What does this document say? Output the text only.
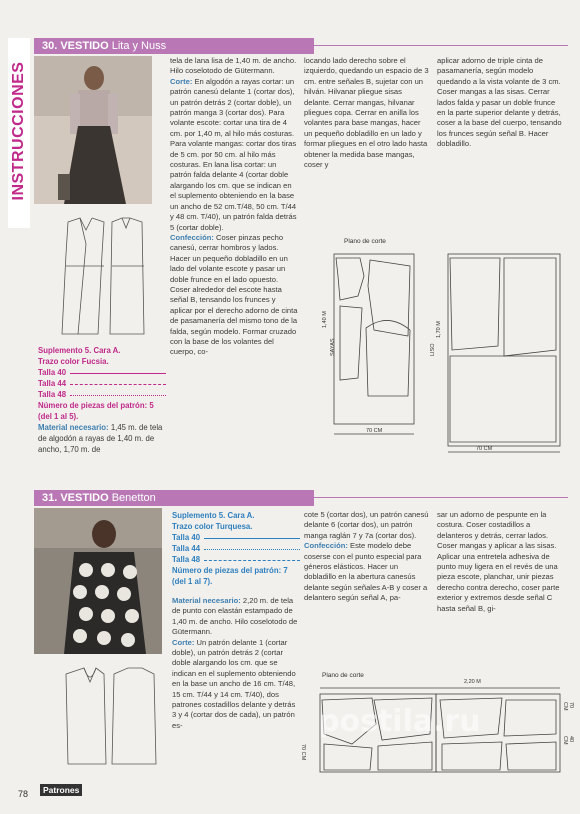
INSTRUCCIONES
30. VESTIDO Lita y Nuss
Suplemento 5. Cara A.
Trazo color Fucsia.
Talla 40
Talla 44
Talla 48
Número de piezas del patrón: 5 (del 1 al 5).
Material necesario: 1,45 m. de tela de algodón a rayas de 1,40 m. de ancho, 1,70 m. de

tela de lana lisa de 1,40 m. de ancho. Hilo coselotodo de Gütermann.

Corte: En algodón a rayas cortar: un patrón canesú delante 1 (cortar dos), un patrón detrás 2 (cortar doble), un patrón manga 3 (cortar dos). Para volante escote: cortar una tira de 4 cm. por 1,40 m, al hilo más costuras. Para volante mangas: cortar dos tiras de 5 cm. por 50 cm. al hilo más costuras. En lana lisa cortar: un patrón falda delante 4 (cortar doble alargando los cm. que se indican en el suplemento obteniendo en la base un ancho de 52 cm.T/48, 50 cm. T/44 y 48 cm. T/40), un patrón falda detrás 5 (cortar doble).

Confección: Coser pinzas pecho canesú, cerrar hombros y lados. Hacer un pequeño dobladillo en un lado del volante escote y pasar un doble frunce en el lado opuesto. Coser alrededor del escote hasta señal B, tensando los frunces y aplicar por el derecho adorno de cinta de pasamanería del mismo tono de la falda, según modelo. Formar cruzado con la base de los volantes del cuerpo, co-

locando lado derecho sobre el izquierdo, quedando un espacio de 3 cm. entre señales B, sujetar con un hilván. Hilvanar pliegue sisas delante. Cerrar mangas, hilvanar pliegues copa. Cerrar en anilla los volantes para base mangas, hacer un pequeño dobladillo en un lado y formar pliegues en el otro lado hasta obtener la medida base mangas, coser y

aplicar adorno de triple cinta de pasamanería, según modelo quedando a la vista volante de 3 cm. Coser mangas a las sisas. Cerrar lados falda y pasar un doble frunce en la parte superior delante y detrás, coser a la base del cuerpo, tensando los frunces según señal B. Hacer dobladillo.

Plano de corte
1,40 M
SAYAS
70 CM
1,70 M
LISO
70 CM
31. VESTIDO Benetton
Suplemento 5. Cara A.
Trazo color Turquesa.
Talla 40
Talla 44
Talla 48
Número de piezas del patrón: 7 (del 1 al 7).

Material necesario: 2,20 m. de tela de punto con elastán estampado de 1,40 m. de ancho. Hilo coselotodo de Gütermann.

Corte: Un patrón delante 1 (cortar doble), un patrón detrás 2 (cortar doble alargando los cm. que se indican en el suplemento obteniendo en la base un ancho de 16 cm. T/48, 15 cm. T/44 y 14 cm. T/40), dos patrones costadillos delante y detrás 3 y 4 (cortar dos de cada), un patrón es-

cote 5 (cortar dos), un patrón canesú delante 6 (cortar dos), un patrón manga raglán 7 y 7a (cortar dos).

Confección: Este modelo debe coserse con el punto especial para géneros elásticos. Hacer un dobladillo en la abertura canesús delante según señales A-B y coser a delantero según señal A, pa-

sar un adorno de pespunte en la costura. Coser costadillos a delanteros y detrás, cerrar lados. Coser mangas y aplicar a las sisas. Aplicar una entretela adhesiva de punto muy ligera en el revés de una pieza escote, planchar, unir piezas derecho contra derecho, coser parte exterior y extremos desde señal C hasta señal B, gi-

Plano de corte
2,20 M
70 CM
70 CM
40 CM
postila.ru
78	Patrones
